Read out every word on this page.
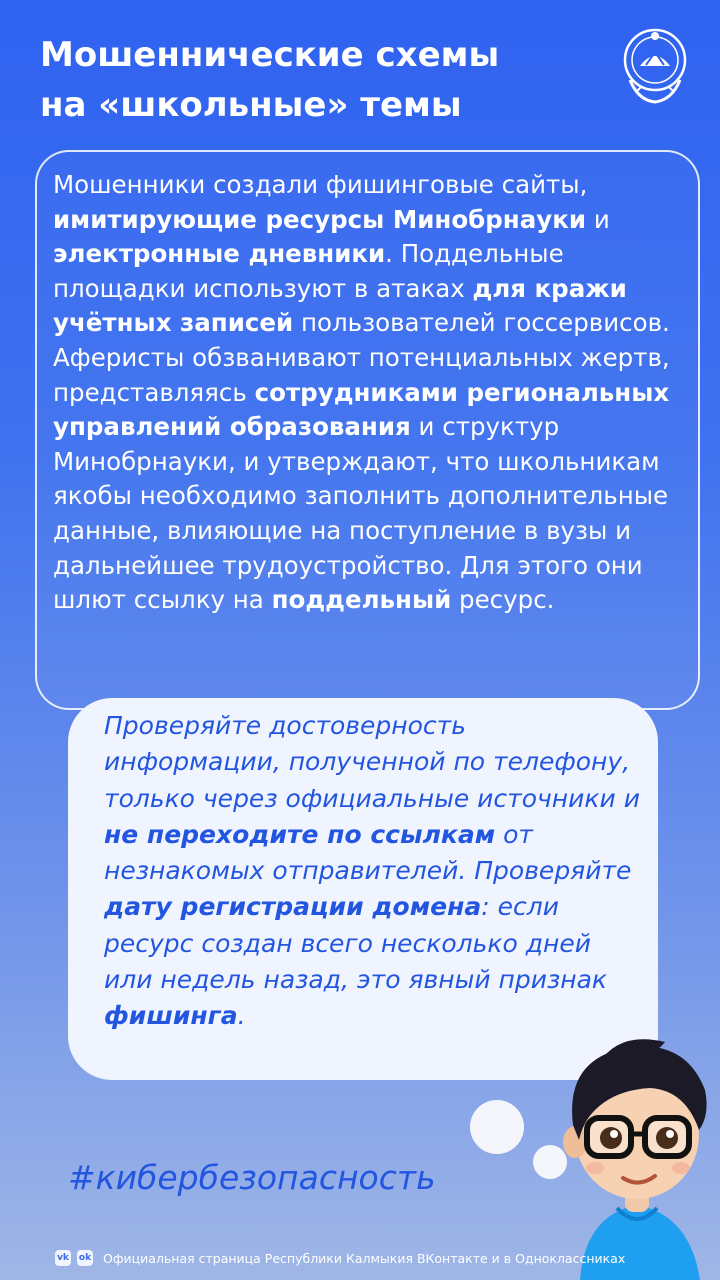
Мошеннические схемы
на «школьные» темы
Мошенники создали фишинговые сайты, имитирующие ресурсы Минобрнауки и электронные дневники. Поддельные площадки используют в атаках для кражи учётных записей пользователей госсервисов. Аферисты обзванивают потенциальных жертв, представляясь сотрудниками региональных управлений образования и структур Минобрнауки, и утверждают, что школьникам якобы необходимо заполнить дополнительные данные, влияющие на поступление в вузы и дальнейшее трудоустройство. Для этого они шлют ссылку на поддельный ресурс.
Проверяйте достоверность информации, полученной по телефону, только через официальные источники и не переходите по ссылкам от незнакомых отправителей. Проверяйте дату регистрации домена: если ресурс создан всего несколько дней или недель назад, это явный признак фишинга.
#кибербезопасность
vk ok Официальная страница Республики Калмыкия ВКонтакте и в Одноклассниках
